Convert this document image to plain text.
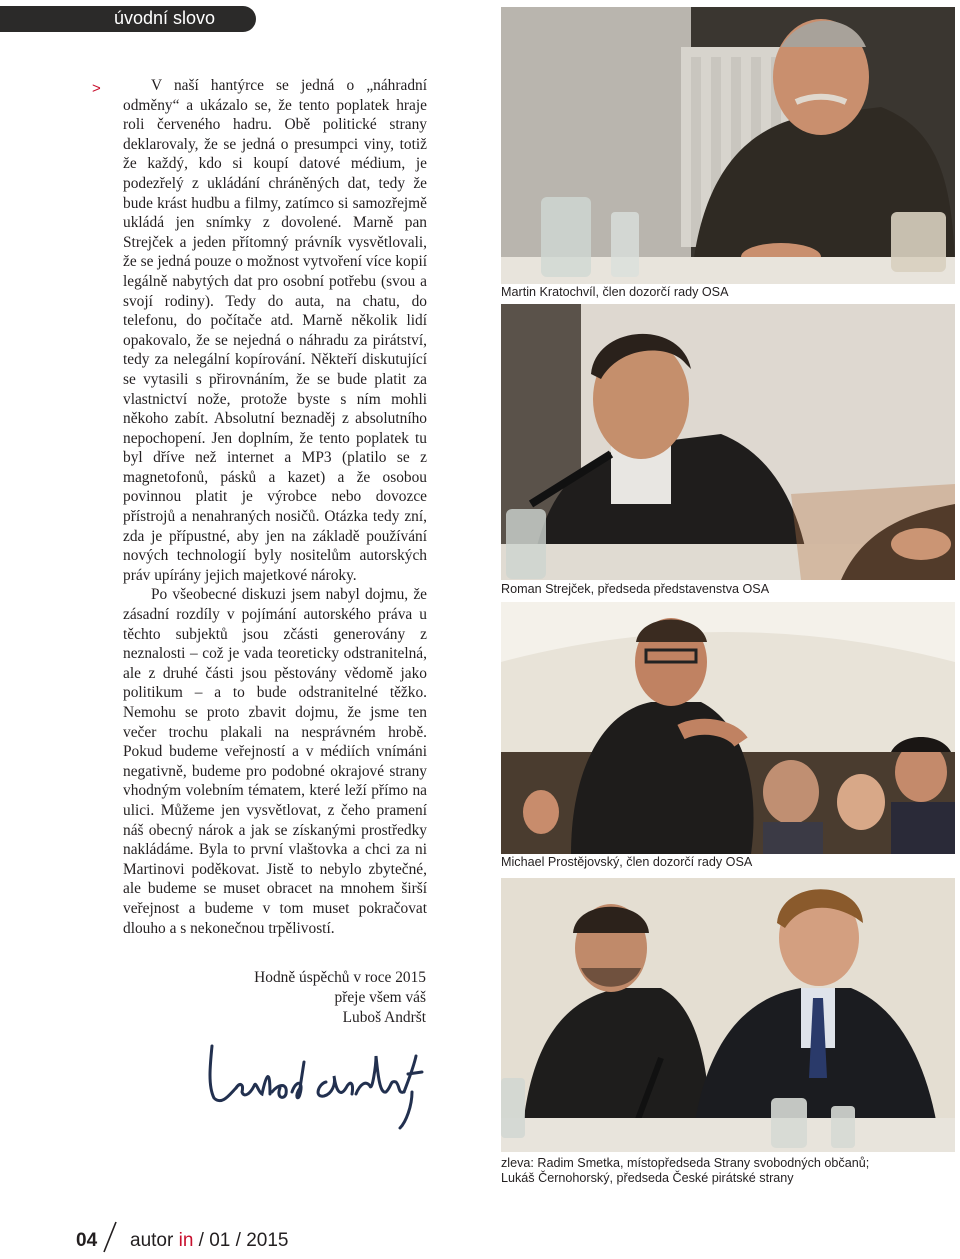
úvodní slovo
>	V naší hantýrce se jedná o „náhradní odměny“ a ukázalo se, že tento poplatek hraje roli červeného hadru. Obě politické strany deklarovaly, že se jedná o presumpci viny, totiž že každý, kdo si koupí datové médium, je podezřelý z ukládání chráněných dat, tedy že bude krást hudbu a filmy, zatímco si samozřejmě ukládá jen snímky z dovolené. Marně pan Strejček a jeden přítomný právník vysvětlovali, že se jedná pouze o možnost vytvoření více kopií legálně nabytých dat pro osobní potřebu (svou a svojí rodiny). Tedy do auta, na chatu, do telefonu, do počítače atd. Marně několik lidí opakovalo, že se nejedná o náhradu za pirátství, tedy za nelegální kopírování. Někteří diskutující se vytasili s přirovnáním, že se bude platit za vlastnictví nože, protože byste s ním mohli někoho zabít. Absolutní beznaděj z absolutního nepochopení. Jen doplním, že tento poplatek tu byl dříve než internet a MP3 (platilo se z magnetofonů, pásků a kazet) a že osobou povinnou platit je výrobce nebo dovozce přístrojů a nenahraných nosičů. Otázka tedy zní, zda je přípustné, aby jen na základě používání nových technologií byly nositelům autorských práv upírány jejich majetkové nároky.

Po všeobecné diskuzi jsem nabyl dojmu, že zásadní rozdíly v pojímání autorského práva u těchto subjektů jsou zčásti generovány z neznalosti – což je vada teoreticky odstranitelná, ale z druhé části jsou pěstovány vědomě jako politikum – a to bude odstranitelné těžko. Nemohu se proto zbavit dojmu, že jsme ten večer trochu plakali na nesprávném hrobě. Pokud budeme veřejností a v médiích vnímáni negativně, budeme pro podobné okrajové strany vhodným volebním tématem, které leží přímo na ulici. Můžeme jen vysvětlovat, z čeho pramení náš obecný nárok a jak se získanými prostředky nakládáme. Byla to první vlaštovka a chci za ni Martinovi poděkovat. Jistě to nebylo zbytečné, ale budeme se muset obracet na mnohem širší veřejnost a budeme v tom muset pokračovat dlouho a s nekonečnou trpělivostí.

Hodně úspěchů v roce 2015
přeje všem váš
Luboš Andršt
Martin Kratochvíl, člen dozorčí rady OSA
Roman Strejček, předseda představenstva OSA
Michael Prostějovský, člen dozorčí rady OSA
zleva: Radim Smetka, místopředseda Strany svobodných občanů;
Lukáš Černohorský, předseda České pirátské strany
04 autor in / 01 / 2015
